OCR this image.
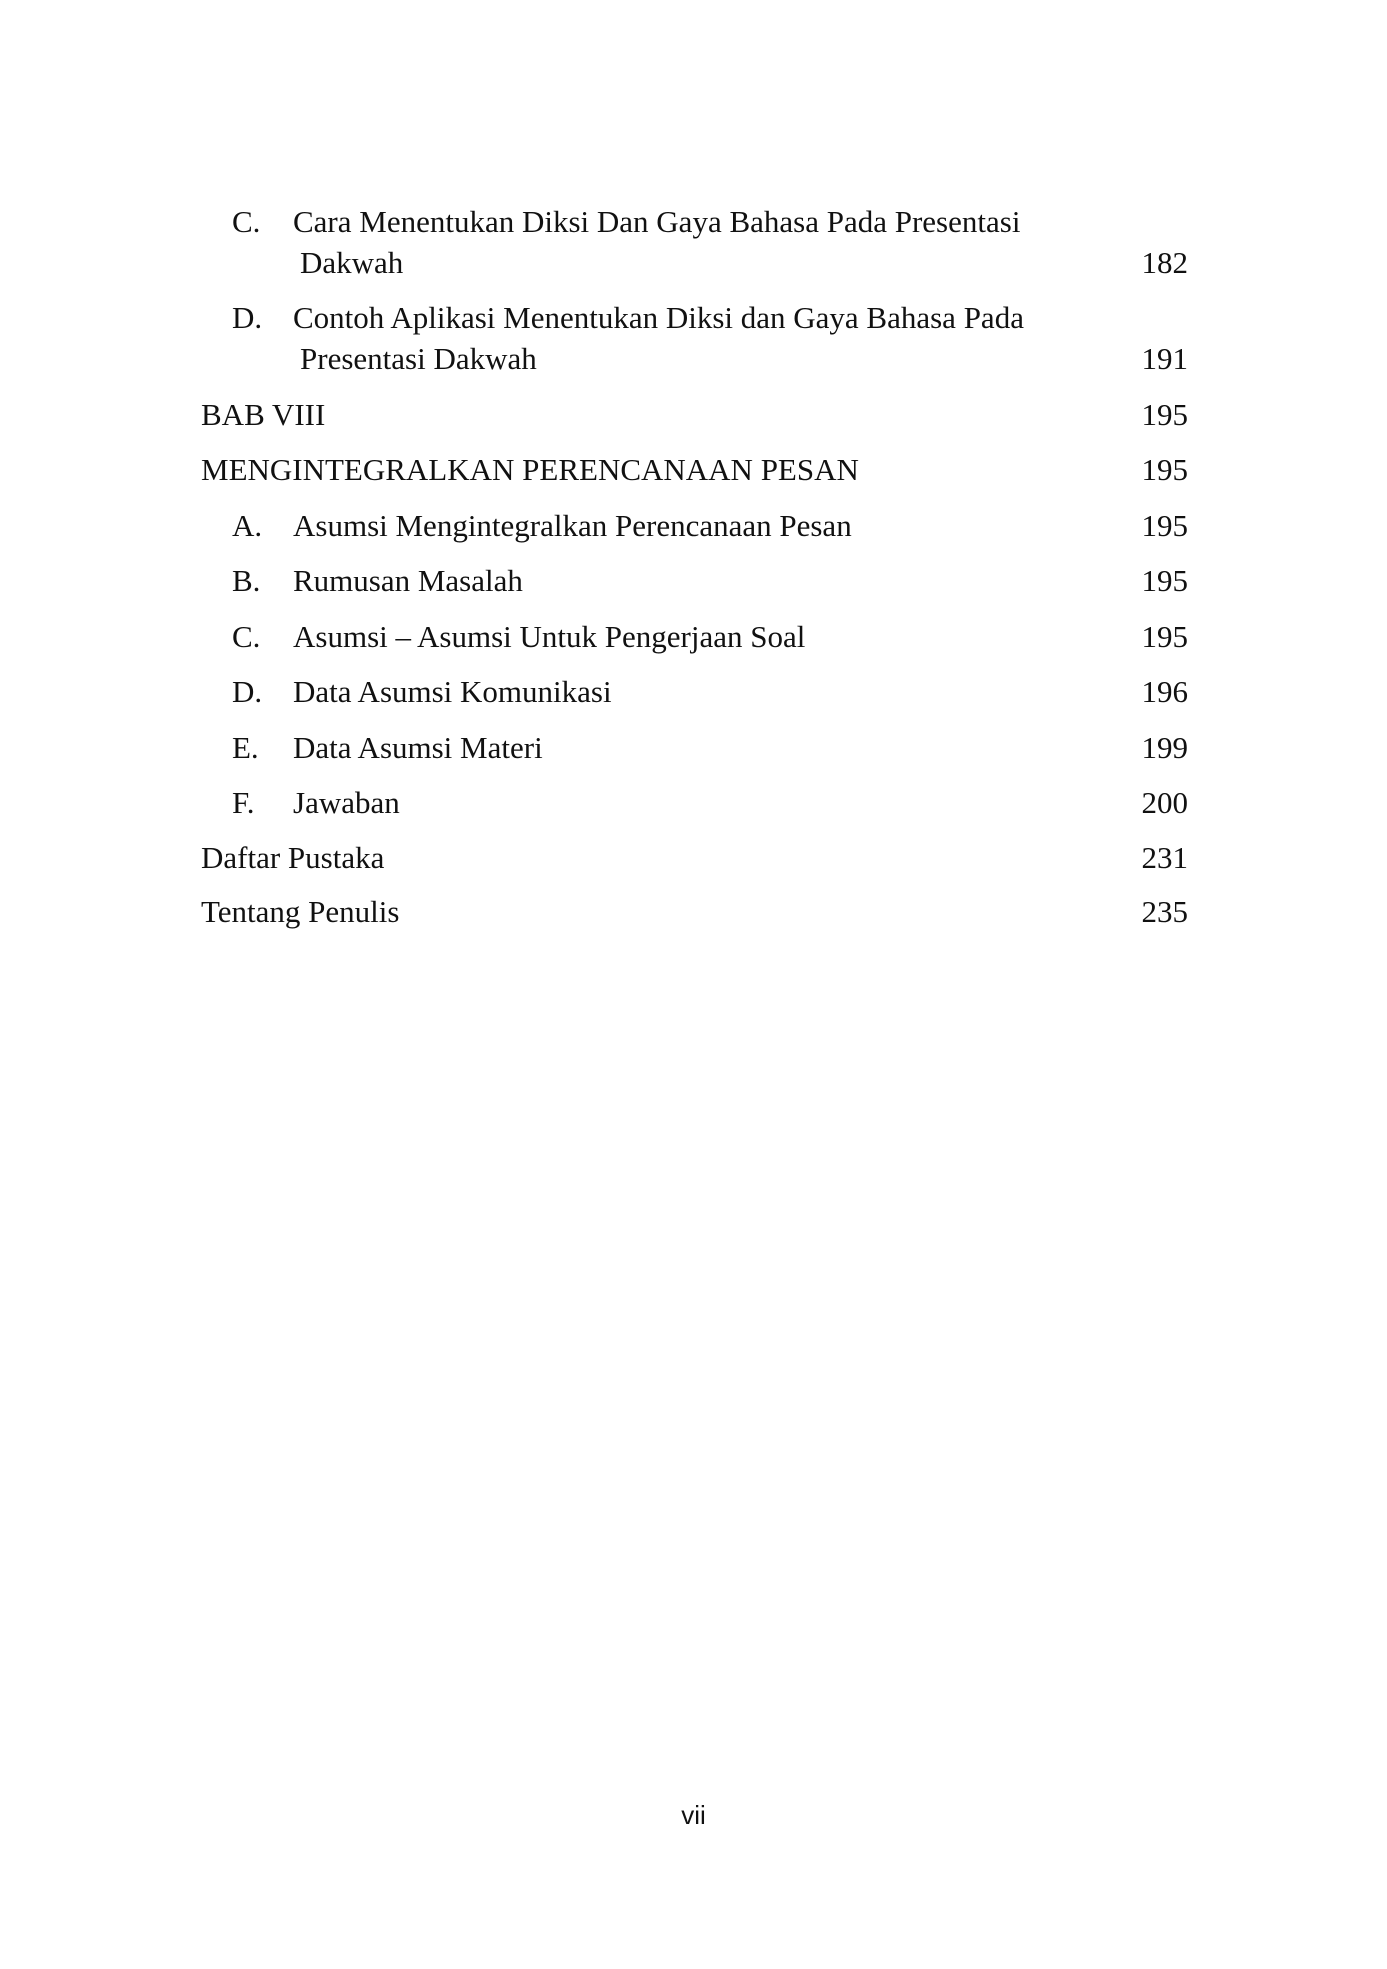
C. Cara Menentukan Diksi Dan Gaya Bahasa Pada Presentasi
Dakwah	182
D. Contoh Aplikasi Menentukan Diksi dan Gaya Bahasa Pada
Presentasi Dakwah	191
BAB VIII	195
MENGINTEGRALKAN PERENCANAAN PESAN	195
A. Asumsi Mengintegralkan Perencanaan Pesan	195
B. Rumusan Masalah	195
C. Asumsi – Asumsi Untuk Pengerjaan Soal	195
D. Data Asumsi Komunikasi	196
E. Data Asumsi Materi	199
F. Jawaban	200
Daftar Pustaka	231
Tentang Penulis	235
vii
